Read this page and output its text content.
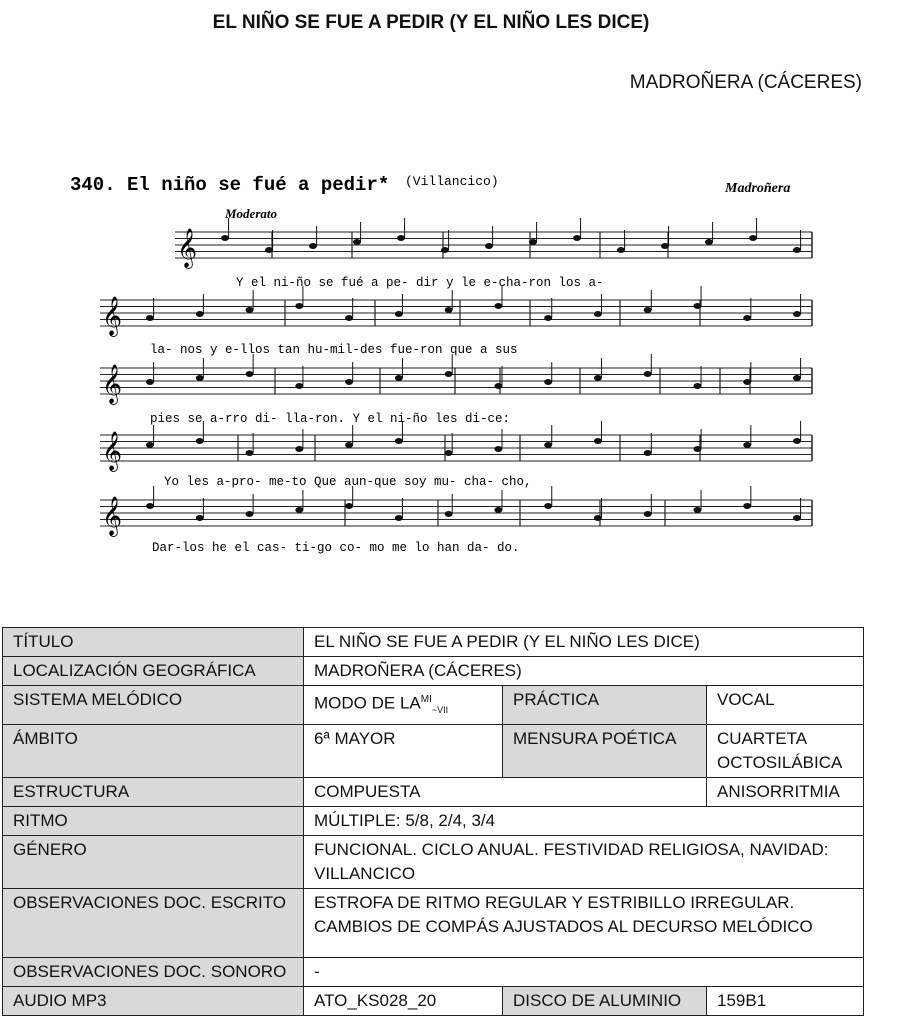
EL NIÑO SE FUE A PEDIR (Y EL NIÑO LES DICE)
MADROÑERA (CÁCERES)
340. El niño se fué a pedir* (Villancico)	Madroñera
Moderato
𝄞
𝄞
𝄞
𝄞
𝄞
Y el ni-ño se fué a pe- dir y le e-cha-ron los a-
la- nos y e-llos tan hu-mil-des fue-ron que a sus
pies se a-rro di- lla-ron. Y el ni-ño les di-ce:
Yo les a-pro- me-to Que aun-que soy mu- cha- cho,
Dar-los he el cas- ti-go co- mo me lo han da- do.
TÍTULO	EL NIÑO SE FUE A PEDIR (Y EL NIÑO LES DICE)		
LOCALIZACIÓN GEOGRÁFICA	MADROÑERA (CÁCERES)		
SISTEMA MELÓDICO	MODO DE $LA^{MI}_{\sim VII}$	PRÁCTICA	VOCAL
ÁMBITO	6ª MAYOR	MENSURA POÉTICA	CUARTETA OCTOSILÁBICA
ESTRUCTURA	COMPUESTA		ANISORRITMIA
RITMO	MÚLTIPLE: 5/8, 2/4, 3/4		
GÉNERO	FUNCIONAL. CICLO ANUAL. FESTIVIDAD RELIGIOSA, NAVIDAD: VILLANCICO		
OBSERVACIONES DOC. ESCRITO	ESTROFA DE RITMO REGULAR Y ESTRIBILLO IRREGULAR. CAMBIOS DE COMPÁS AJUSTADOS AL DECURSO MELÓDICO		
OBSERVACIONES DOC. SONORO	-		
AUDIO MP3	ATO_KS028_20	DISCO DE ALUMINIO	159B1
